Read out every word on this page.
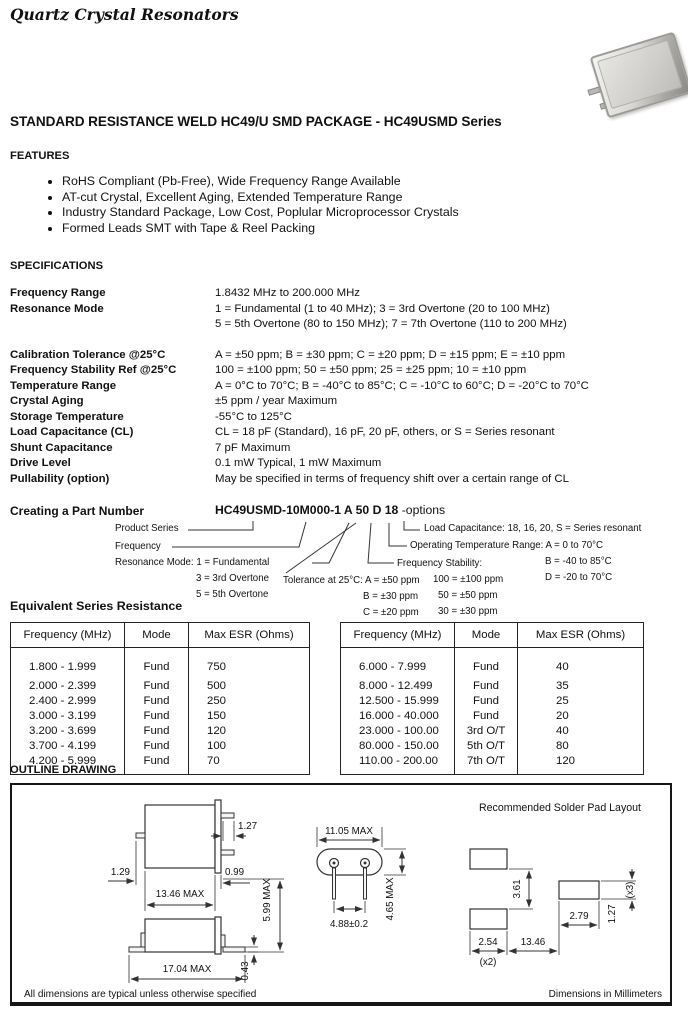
Quartz Crystal Resonators
STANDARD RESISTANCE WELD HC49/U SMD PACKAGE - HC49USMD Series
FEATURES
• RoHS Compliant (Pb-Free), Wide Frequency Range Available
• AT-cut Crystal, Excellent Aging, Extended Temperature Range
• Industry Standard Package, Low Cost, Poplular Microprocessor Crystals
• Formed Leads SMT with Tape & Reel Packing
SPECIFICATIONS
Frequency Range	1.8432 MHz to 200.000 MHz
Resonance Mode	1 = Fundamental (1 to 40 MHz); 3 = 3rd Overtone (20 to 100 MHz)
5 = 5th Overtone (80 to 150 MHz); 7 = 7th Overtone (110 to 200 MHz)
Calibration Tolerance @25°C	A = ±50 ppm; B = ±30 ppm; C = ±20 ppm; D = ±15 ppm; E = ±10 ppm
Frequency Stability Ref @25°C	100 = ±100 ppm; 50 = ±50 ppm; 25 = ±25 ppm; 10 = ±10 ppm
Temperature Range	A = 0°C to 70°C; B = -40°C to 85°C; C = -10°C to 60°C; D = -20°C to 70°C
Crystal Aging	±5 ppm / year Maximum
Storage Temperature	-55°C to 125°C
Load Capacitance (CL)	CL = 18 pF (Standard), 16 pF, 20 pF, others, or S = Series resonant
Shunt Capacitance	7 pF Maximum
Drive Level	0.1 mW Typical, 1 mW Maximum
Pullability (option)	May be specified in terms of frequency shift over a certain range of CL
Creating a Part Number	HC49USMD-10M000-1 A 50 D 18 -options
Product Series	Load Capacitance: 18, 16, 20, S = Series resonant
Frequency	Operating Temperature Range: A = 0 to 70°C
Resonance Mode: 1 = Fundamental	Frequency Stability:	B = -40 to 85°C
3 = 3rd Overtone Tolerance at 25°C: A = ±50 ppm 100 = ±100 ppm	D = -20 to 70°C
5 = 5th Overtone	B = ±30 ppm 50 = ±50 ppm
C = ±20 ppm 30 = ±30 ppm
Equivalent Series Resistance
Frequency (MHz)	Mode	Max ESR (Ohms)
1.800 - 1.999	Fund	750
2.000 - 2.399	Fund	500
2.400 - 2.999	Fund	250
3.000 - 3.199	Fund	150
3.200 - 3.699	Fund	120
3.700 - 4.199	Fund	100
4.200 - 5.999	Fund	70
Frequency (MHz)	Mode	Max ESR (Ohms)
6.000 - 7.999	Fund	40
8.000 - 12.499	Fund	35
12.500 - 15.999	Fund	25
16.000 - 40.000	Fund	20
23.000 - 100.00	3rd O/T	40
80.000 - 150.00	5th O/T	80
110.00 - 200.00	7th O/T	120
OUTLINE DRAWING
1.27
1.29	0.99
13.46 MAX	5.99 MAX
17.04 MAX	0.43
11.05 MAX
4.65 MAX
4.88±0.2
Recommended Solder Pad Layout
3.61
2.54
(x2)
13.46
2.79 1.27
(x3)
All dimensions are typical unless otherwise specified	Dimensions in Millimeters
